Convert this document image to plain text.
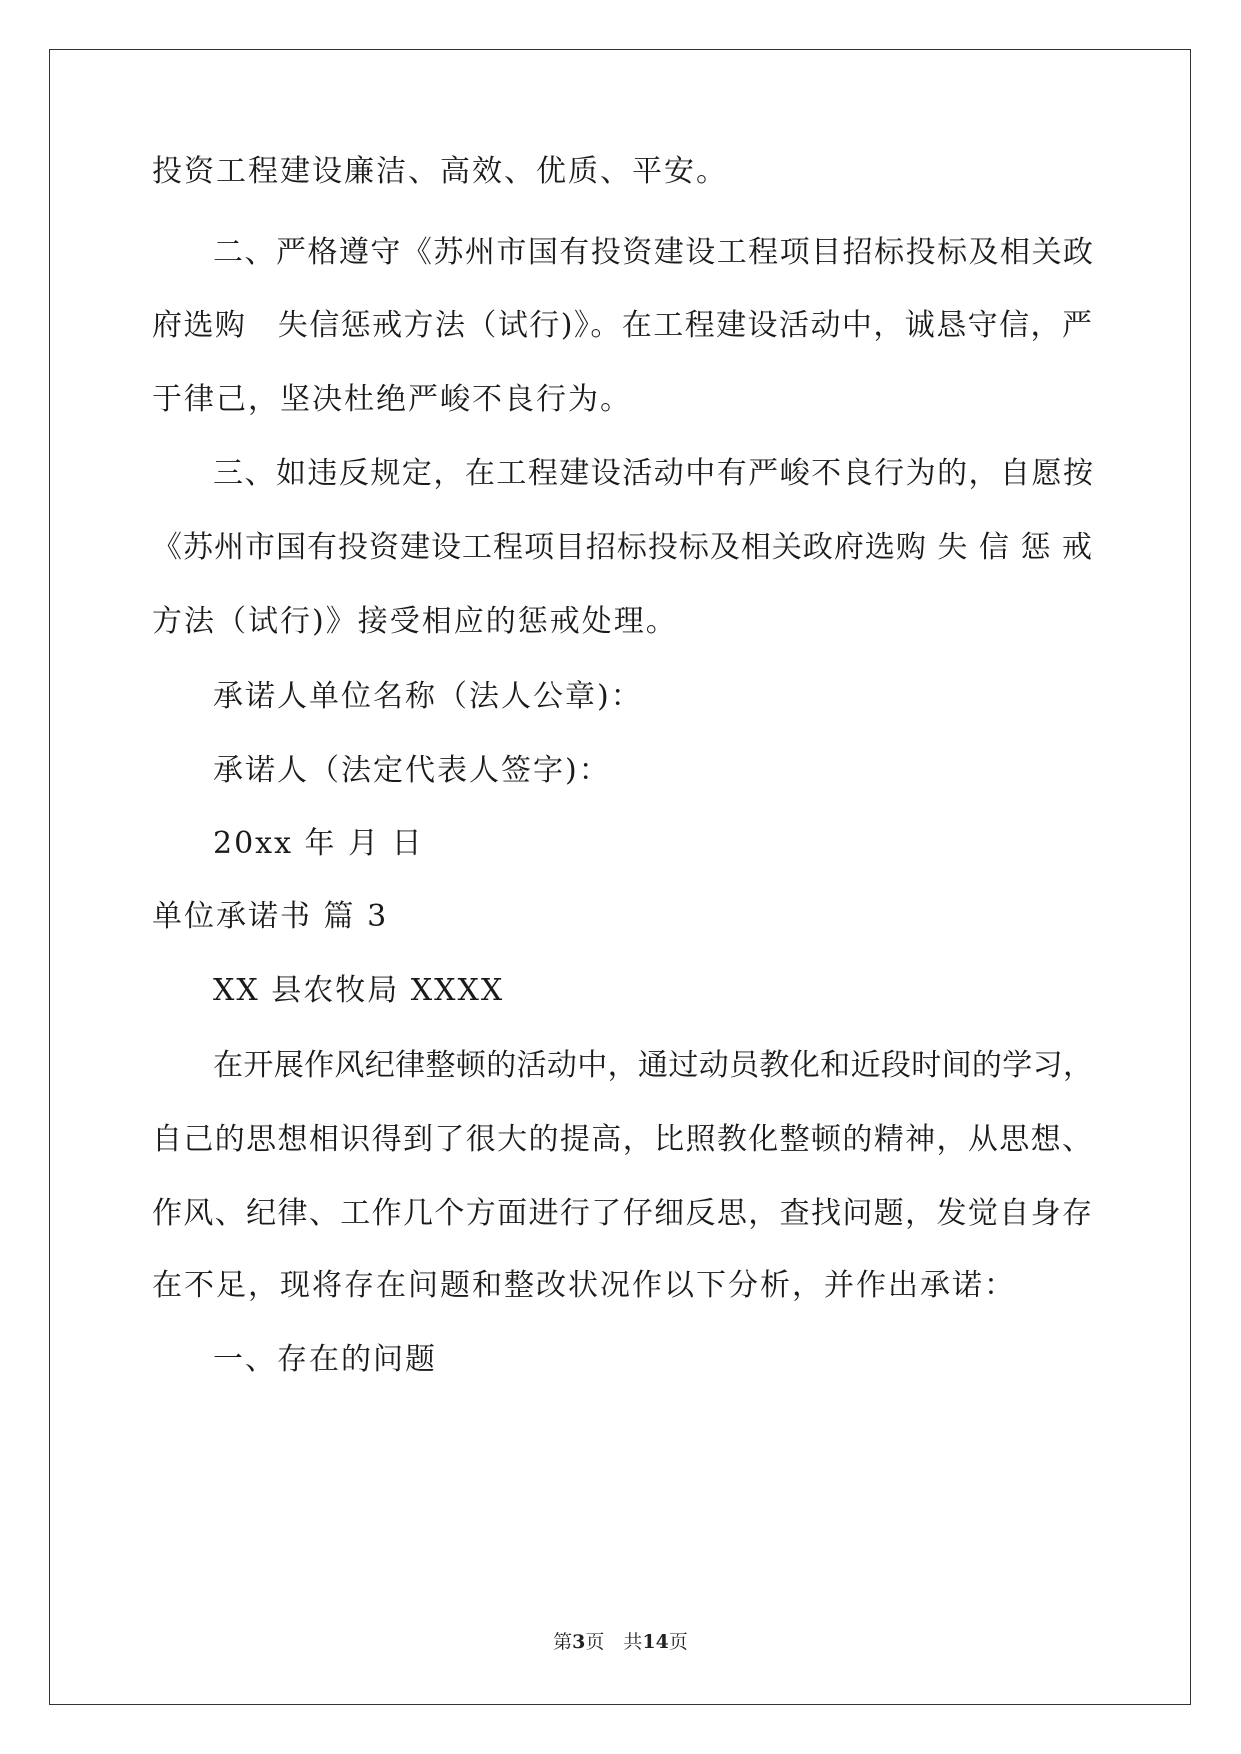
投资工程建设廉洁、高效、优质、平安。
二、严格遵守《苏州市国有投资建设工程项目招标投标及相关政
府选购　失信惩戒方法（试行)》。在工程建设活动中，诚恳守信，严
于律己，坚决杜绝严峻不良行为。
三、如违反规定，在工程建设活动中有严峻不良行为的，自愿按
《苏州市国有投资建设工程项目招标投标及相关政府选购 失 信 惩 戒
方法（试行)》接受相应的惩戒处理。
承诺人单位名称（法人公章)：
承诺人（法定代表人签字)：
20xx 年 月 日
单位承诺书 篇 3
XX 县农牧局 XXXX
在开展作风纪律整顿的活动中，通过动员教化和近段时间的学习，
自己的思想相识得到了很大的提高，比照教化整顿的精神，从思想、
作风、纪律、工作几个方面进行了仔细反思，查找问题，发觉自身存
在不足，现将存在问题和整改状况作以下分析，并作出承诺：
一、存在的问题
第3页　共14页
